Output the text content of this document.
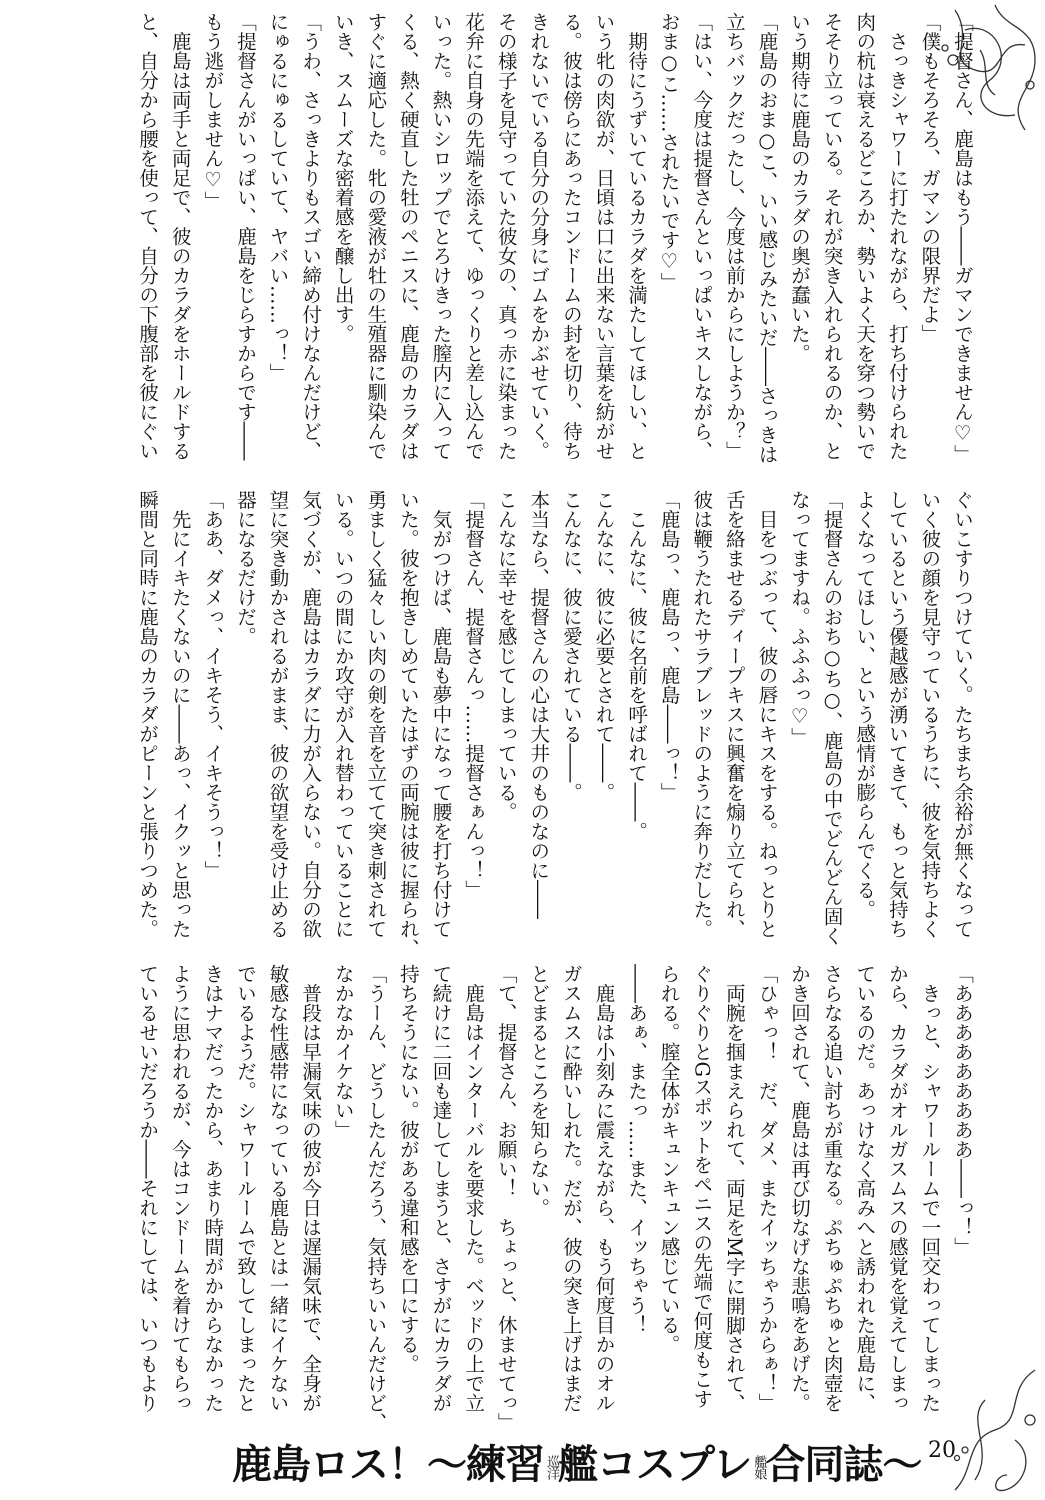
「提督さん、鹿島はもう――ガマンできません♡」
「僕もそろそろ、ガマンの限界だよ」
　さっきシャワーに打たれながら、打ち付けられた
肉の杭は衰えるどころか、勢いよく天を穿つ勢いで
そそり立っている。それが突き入れられるのか、と
いう期待に鹿島のカラダの奥が蠢いた。
「鹿島のおま○こ、いい感じみたいだ――さっきは
立ちバックだったし、今度は前からにしようか？」
「はい、今度は提督さんといっぱいキスしながら、
おま○こ……されたいです♡」
　期待にうずいているカラダを満たしてほしい、と
いう牝の肉欲が、日頃は口に出来ない言葉を紡がせ
る。彼は傍らにあったコンドームの封を切り、待ち
きれないでいる自分の分身にゴムをかぶせていく。
その様子を見守っていた彼女の、真っ赤に染まった
花弁に自身の先端を添えて、ゆっくりと差し込んで
いった。熱いシロップでとろけきった膣内に入って
くる、熱く硬直した牡のペニスに、鹿島のカラダは
すぐに適応した。牝の愛液が牡の生殖器に馴染んで
いき、スムーズな密着感を醸し出す。
「うわ、さっきよりもスゴい締め付けなんだけど、
にゅるにゅるしていて、ヤバい……っ！」
「提督さんがいっぱい、鹿島をじらすからです――
もう逃がしません♡」
　鹿島は両手と両足で、彼のカラダをホールドする
と、自分から腰を使って、自分の下腹部を彼にぐい
ぐいこすりつけていく。たちまち余裕が無くなって
いく彼の顔を見守っているうちに、彼を気持ちよく
しているという優越感が湧いてきて、もっと気持ち
よくなってほしい、という感情が膨らんでくる。
「提督さんのおち○ち○、鹿島の中でどんどん固く
なってますね。ふふふっ♡」
　目をつぶって、彼の唇にキスをする。ねっとりと
舌を絡ませるディープキスに興奮を煽り立てられ、
彼は鞭うたれたサラブレッドのように奔りだした。
「鹿島っ、鹿島っ、鹿島――っ！」
　こんなに、彼に名前を呼ばれて――。
こんなに、彼に必要とされて――。
こんなに、彼に愛されている――。
本当なら、提督さんの心は大井のものなのに――
こんなに幸せを感じてしまっている。
「提督さん、提督さんっ……提督さぁんっ！」
　気がつけば、鹿島も夢中になって腰を打ち付けて
いた。彼を抱きしめていたはずの両腕は彼に握られ、
勇ましく猛々しい肉の剣を音を立てて突き刺されて
いる。いつの間にか攻守が入れ替わっていることに
気づくが、鹿島はカラダに力が入らない。自分の欲
望に突き動かされるがまま、彼の欲望を受け止める
器になるだけだ。
「ああ、ダメっ、イキそう、イキそうっ！」
　先にイキたくないのに――あっ、イクッと思った
瞬間と同時に鹿島のカラダがピーンと張りつめた。
「あああああああああ――っ！」
　きっと、シャワールームで一回交わってしまった
から、カラダがオルガスムスの感覚を覚えてしまっ
ているのだ。あっけなく高みへと誘われた鹿島に、
さらなる追い討ちが重なる。ぷちゅぷちゅと肉壺を
かき回されて、鹿島は再び切なげな悲鳴をあげた。
「ひゃっ！　だ、ダメ、またイッちゃうからぁ！」
　両腕を掴まえられて、両足をM字に開脚されて、
ぐりぐりとGスポットをペニスの先端で何度もこす
られる。膣全体がキュンキュン感じている。
――あぁ、またっ……また、イッちゃう！
　鹿島は小刻みに震えながら、もう何度目かのオル
ガスムスに酔いしれた。だが、彼の突き上げはまだ
とどまるところを知らない。
「て、提督さん、お願い！　ちょっと、休ませてっ」
　鹿島はインターバルを要求した。ベッドの上で立
て続けに二回も達してしまうと、さすがにカラダが
持ちそうにない。彼がある違和感を口にする。
「うーん、どうしたんだろう、気持ちいいんだけど、
なかなかイケない」
　普段は早漏気味の彼が今日は遅漏気味で、全身が
敏感な性感帯になっている鹿島とは一緒にイケない
でいるようだ。シャワールームで致してしまったと
きはナマだったから、あまり時間がかからなかった
ように思われるが、今はコンドームを着けてもらっ
ているせいだろうか――それにしては、いつもより
鹿島ロス！～練習巡洋艦コスプレ艦娘合同誌～ 20
